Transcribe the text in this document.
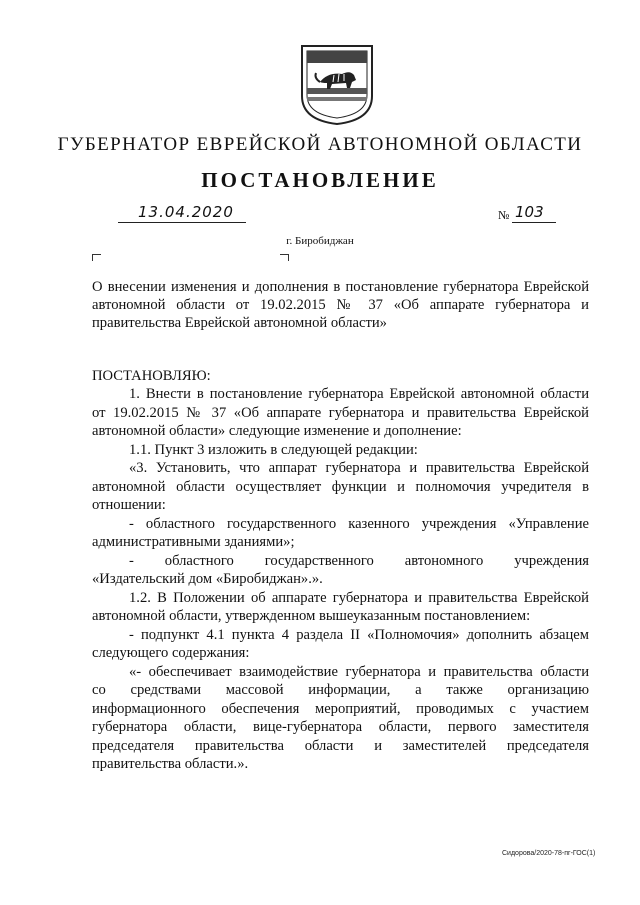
ГУБЕРНАТОР ЕВРЕЙСКОЙ АВТОНОМНОЙ ОБЛАСТИ
ПОСТАНОВЛЕНИЕ
13.04.2020	№ 103
г. Биробиджан
О внесении изменения и дополнения в постановление губернатора Еврейской
автономной области от 19.02.2015 № 37 «Об аппарате губернатора и
правительства Еврейской автономной области»
ПОСТАНОВЛЯЮ:
1. Внести в постановление губернатора Еврейской автономной области
от 19.02.2015 № 37 «Об аппарате губернатора и правительства Еврейской
автономной области» следующие изменение и дополнение:
1.1. Пункт 3 изложить в следующей редакции:
«3. Установить, что аппарат губернатора и правительства Еврейской
автономной области осуществляет функции и полномочия учредителя в
отношении:
- областного государственного казенного учреждения «Управление
административными зданиями»;
- областного государственного автономного учреждения
«Издательский дом «Биробиджан».».
1.2. В Положении об аппарате губернатора и правительства Еврейской
автономной области, утвержденном вышеуказанным постановлением:
- подпункт 4.1 пункта 4 раздела II «Полномочия» дополнить абзацем
следующего содержания:
«- обеспечивает взаимодействие губернатора и правительства области
со средствами массовой информации, а также организацию
информационного обеспечения мероприятий, проводимых с участием
губернатора области, вице-губернатора области, первого заместителя
председателя правительства области и заместителей председателя
правительства области.».
Сидорова/2020-78-пг-ГОС(1)
